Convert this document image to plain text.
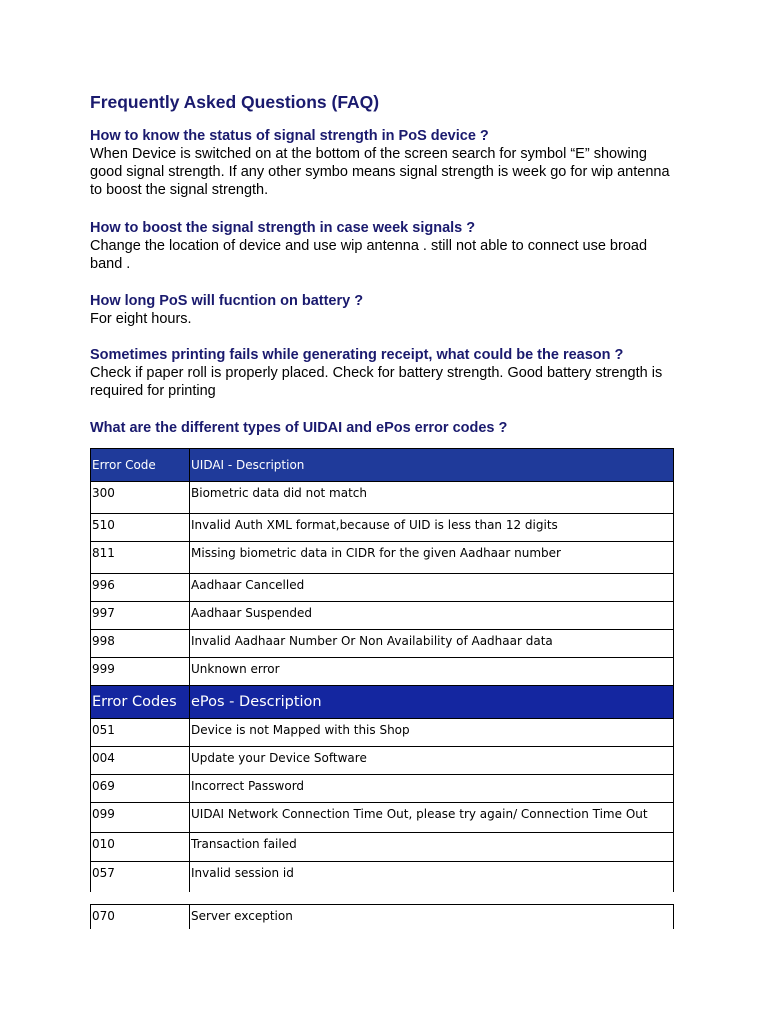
Frequently Asked Questions (FAQ)
How to know the status of signal strength in PoS device ?
When Device is switched on at the bottom of the screen search for symbol “E” showing good signal strength. If any other symbo means signal strength is week go for wip antenna to boost the signal strength.
How to boost the signal strength in case week signals ?
Change the location of device and use wip antenna . still not able to connect use broad band .
How long PoS will fucntion on battery ?
For eight hours.
Sometimes printing fails while generating receipt, what could be the reason ?
Check if paper roll is properly placed. Check for battery strength. Good battery strength is required for printing
What are the different types of UIDAI and ePos error codes ?
Error Code	UIDAI - Description
300	Biometric data did not match
510	Invalid Auth XML format,because of UID is less than 12 digits
811	Missing biometric data in CIDR for the given Aadhaar number
996	Aadhaar Cancelled
997	Aadhaar Suspended
998	Invalid Aadhaar Number Or Non Availability of Aadhaar data
999	Unknown error
Error Codes	ePos - Description
051	Device is not Mapped with this Shop
004	Update your Device Software
069	Incorrect Password
099	UIDAI Network Connection Time Out, please try again/ Connection Time Out
010	Transaction failed
057	Invalid session id
070	Server exception
